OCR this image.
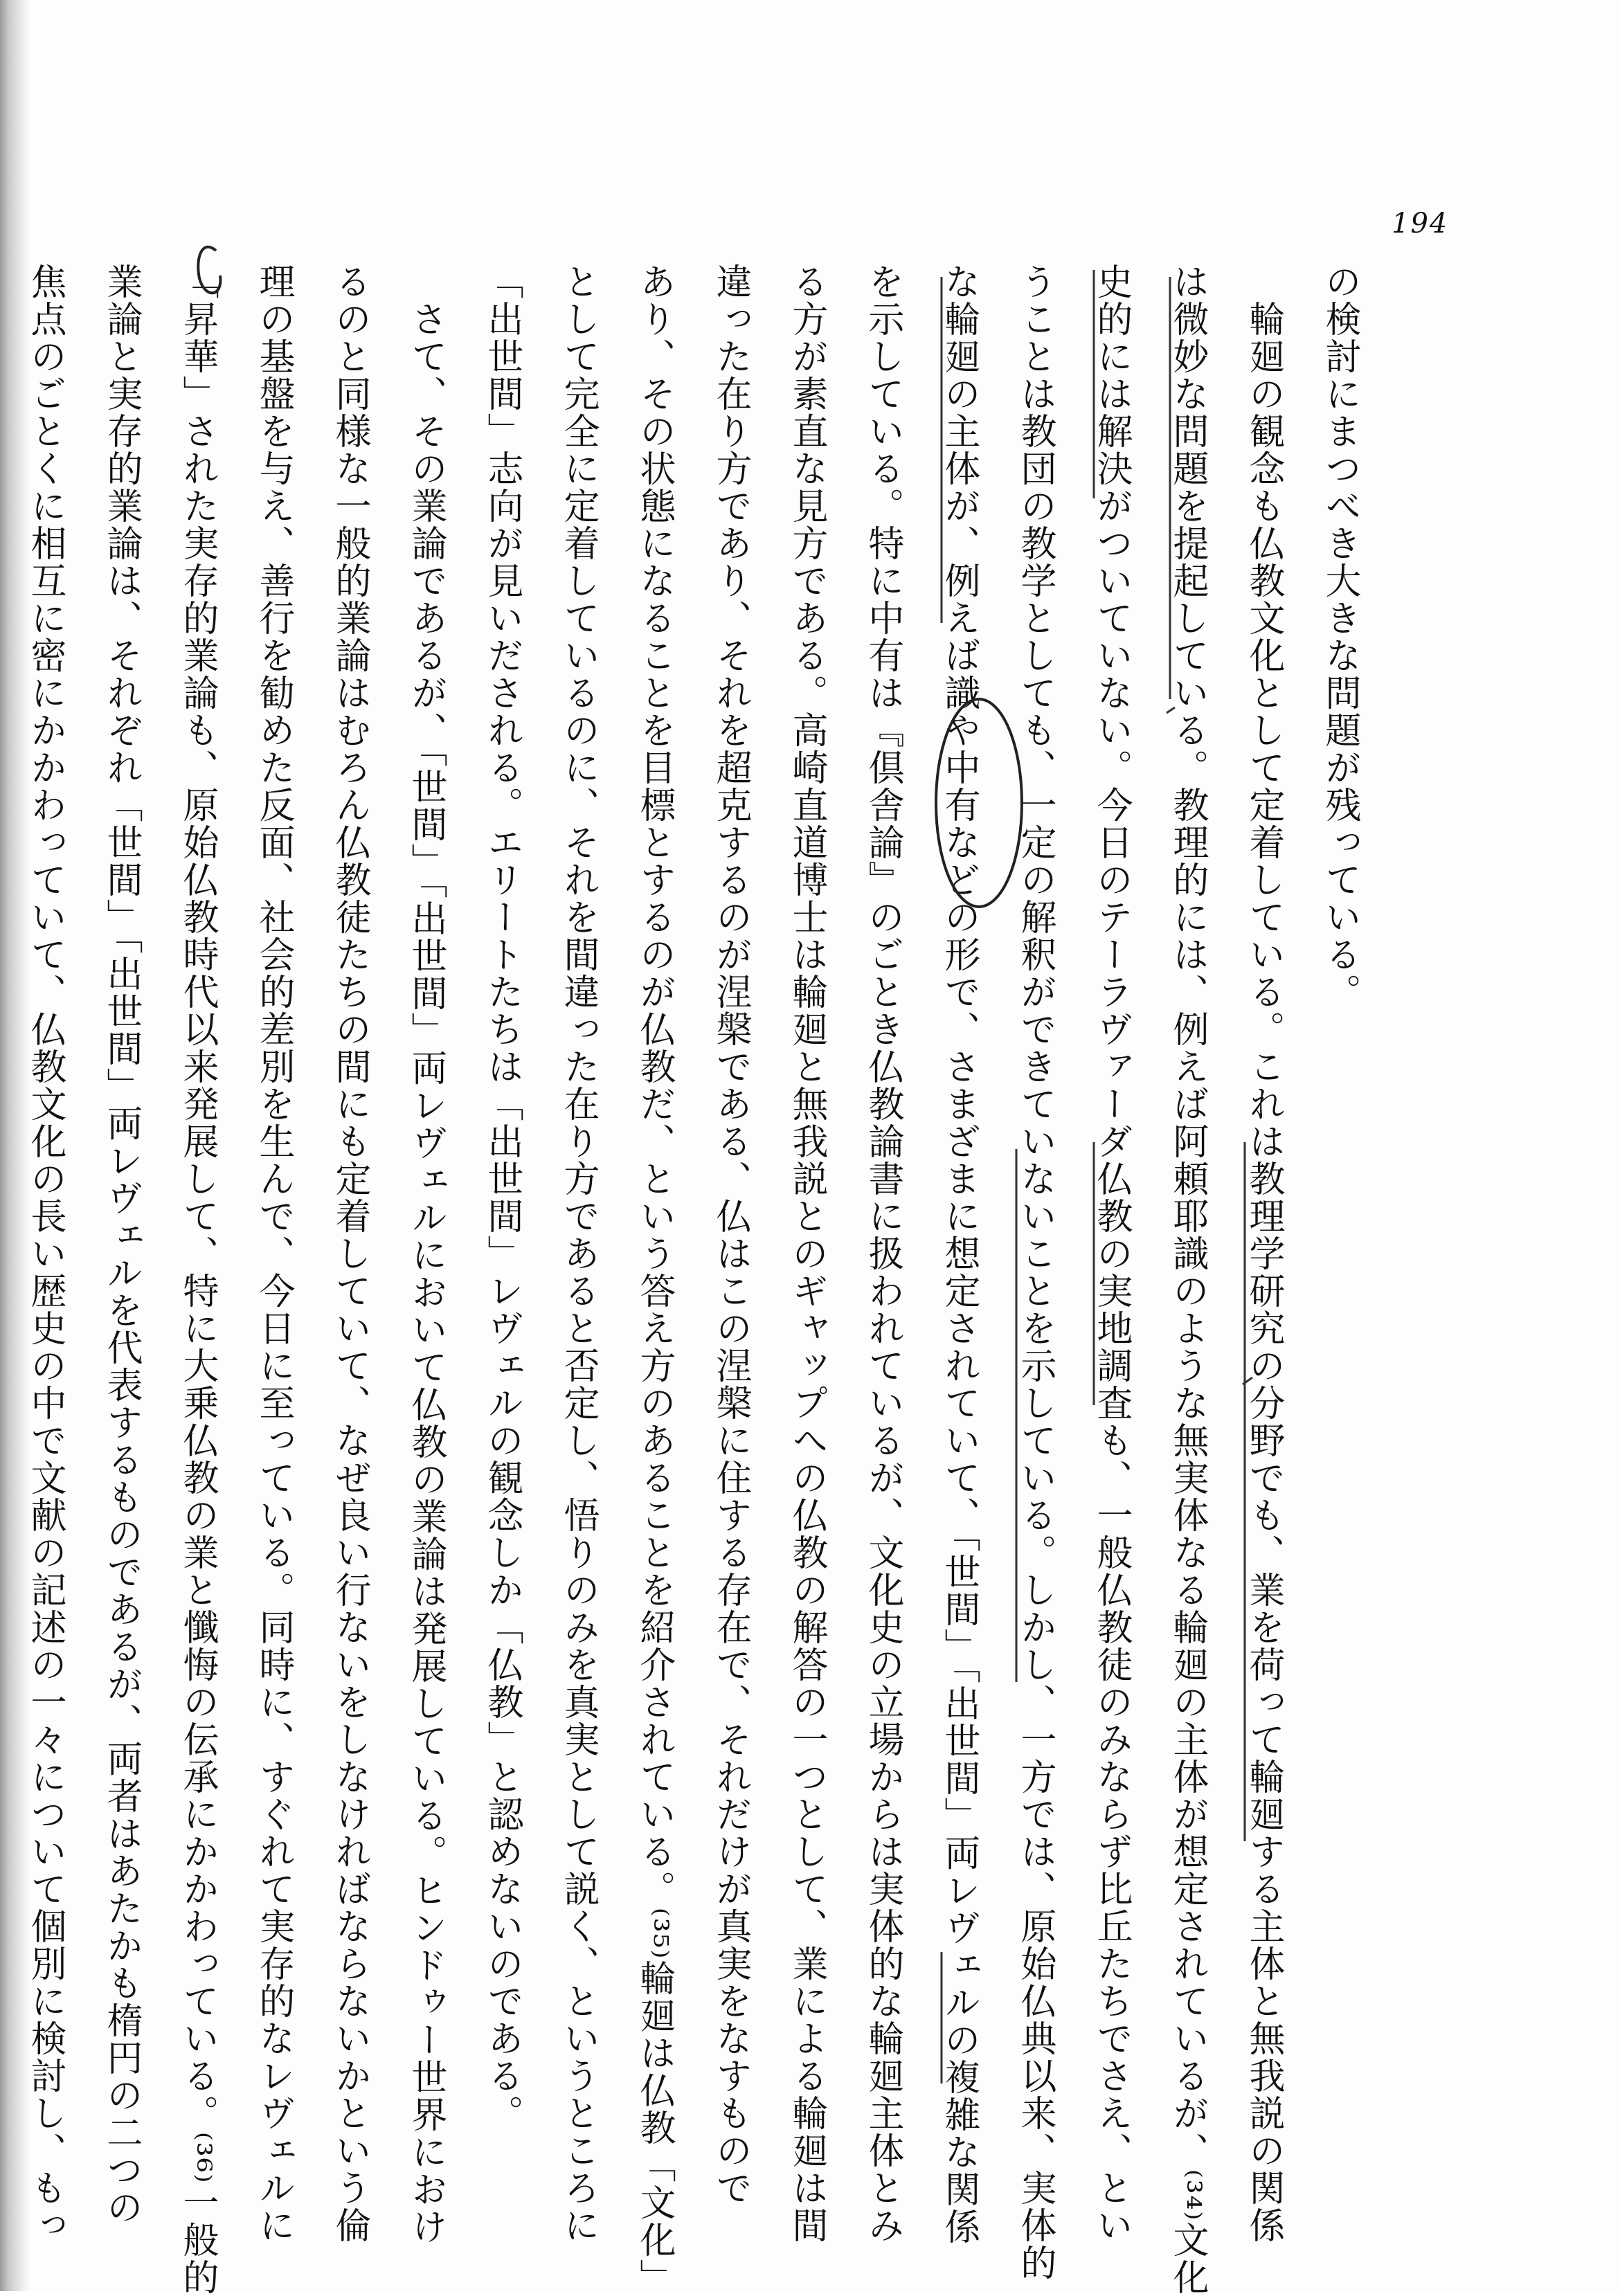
194
の検討にまつべき大きな問題が残っている。
　輪廻の観念も仏教文化として定着している。これは教理学研究の分野でも、業を荷って輪廻する主体と無我説の関係
は微妙な問題を提起している。教理的には、例えば阿頼耶識のような無実体なる輪廻の主体が想定されているが、⁽³⁴⁾文化
史的には解決がついていない。今日のテーラヴァーダ仏教の実地調査も、一般仏教徒のみならず比丘たちでさえ、とい
うことは教団の教学としても、一定の解釈ができていないことを示している。しかし、一方では、原始仏典以来、実体的
な輪廻の主体が、例えば識や中有などの形で、さまざまに想定されていて、「世間」「出世間」両レヴェルの複雑な関係
を示している。特に中有は『倶舎論』のごとき仏教論書に扱われているが、文化史の立場からは実体的な輪廻主体とみ
る方が素直な見方である。高崎直道博士は輪廻と無我説とのギャップへの仏教の解答の一つとして、業による輪廻は間
違った在り方であり、それを超克するのが涅槃である、仏はこの涅槃に住する存在で、それだけが真実をなすもので
あり、その状態になることを目標とするのが仏教だ、という答え方のあることを紹介されている。⁽³⁵⁾輪廻は仏教「文化」
として完全に定着しているのに、それを間違った在り方であると否定し、悟りのみを真実として説く、というところに
「出世間」志向が見いだされる。エリートたちは「出世間」レヴェルの観念しか「仏教」と認めないのである。
　さて、その業論であるが、「世間」「出世間」両レヴェルにおいて仏教の業論は発展している。ヒンドゥー世界におけ
るのと同様な一般的業論はむろん仏教徒たちの間にも定着していて、なぜ良い行ないをしなければならないかという倫
理の基盤を与え、善行を勧めた反面、社会的差別を生んで、今日に至っている。同時に、すぐれて実存的なレヴェルに
「昇華」された実存的業論も、原始仏教時代以来発展して、特に大乗仏教の業と懺悔の伝承にかかわっている。⁽³⁶⁾一般的
業論と実存的業論は、それぞれ「世間」「出世間」両レヴェルを代表するものであるが、両者はあたかも楕円の二つの
焦点のごとくに相互に密にかかわっていて、仏教文化の長い歴史の中で文献の記述の一々について個別に検討し、もっ
